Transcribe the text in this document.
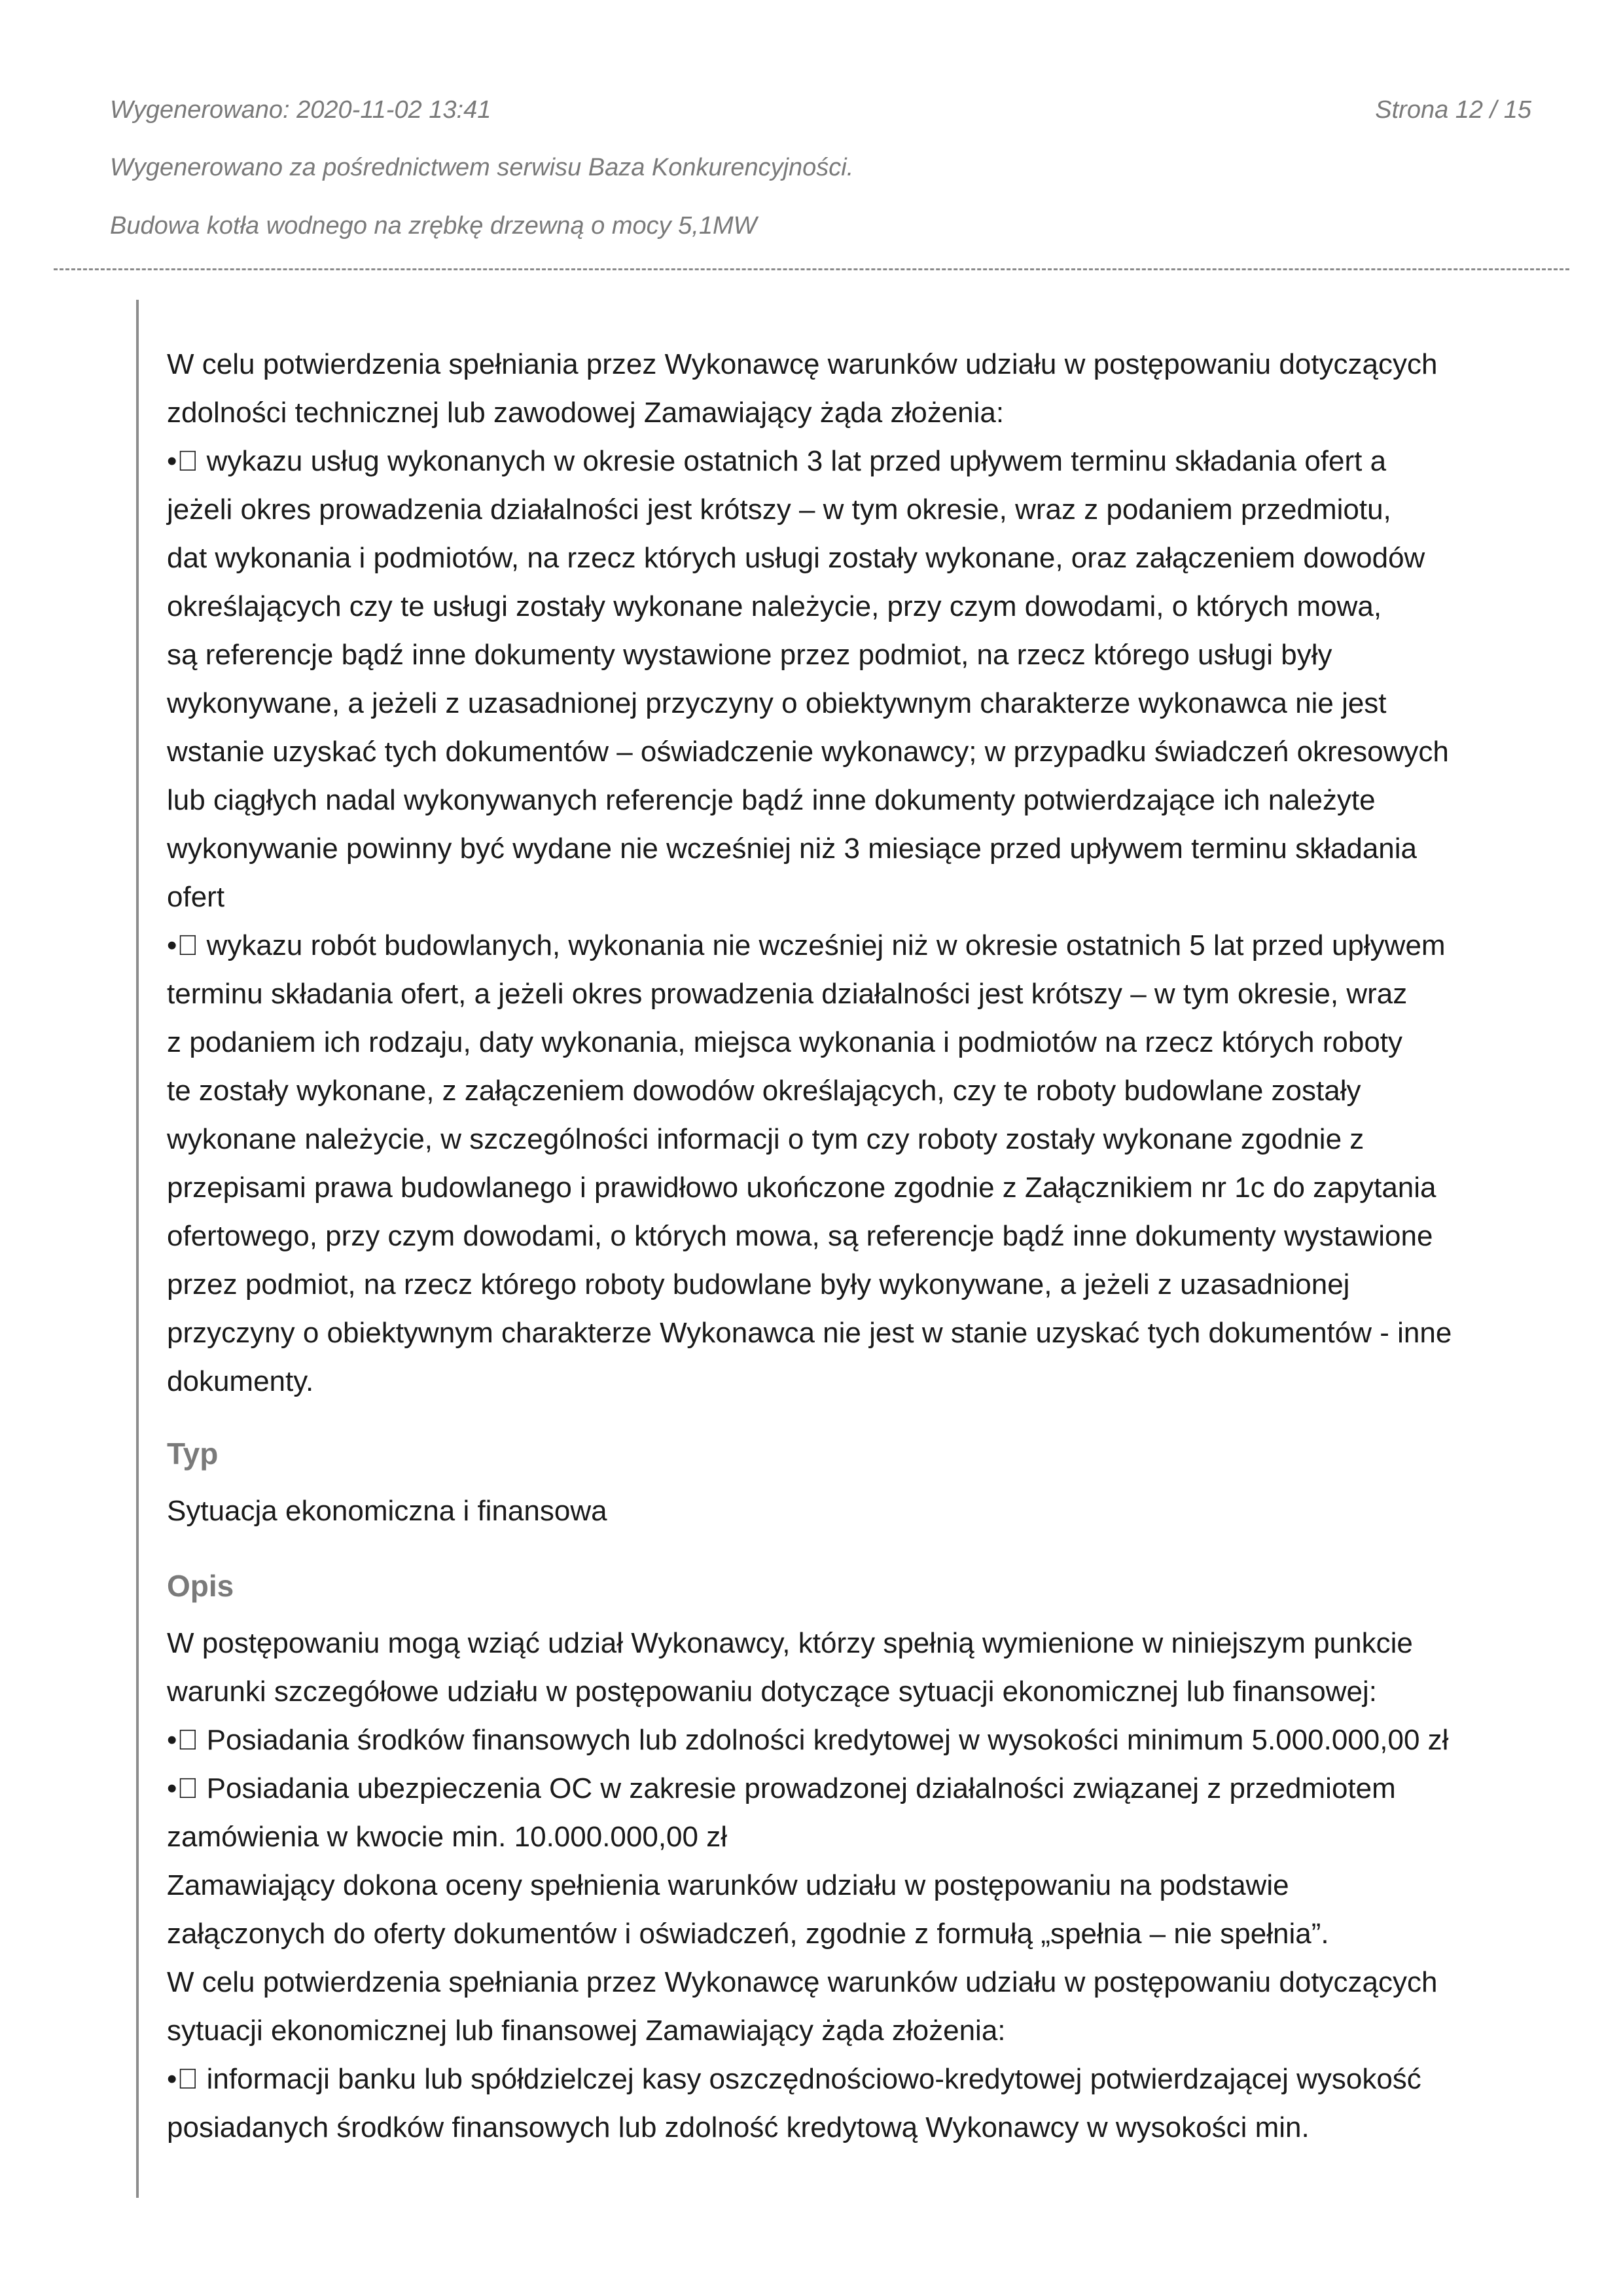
Wygenerowano: 2020-11-02 13:41	Strona 12 / 15
Wygenerowano za pośrednictwem serwisu Baza Konkurencyjności.
Budowa kotła wodnego na zrębkę drzewną o mocy 5,1MW
W celu potwierdzenia spełniania przez Wykonawcę warunków udziału w postępowaniu dotyczących
zdolności technicznej lub zawodowej Zamawiający żąda złożenia:
• wykazu usług wykonanych w okresie ostatnich 3 lat przed upływem terminu składania ofert a
jeżeli okres prowadzenia działalności jest krótszy – w tym okresie, wraz z podaniem przedmiotu,
dat wykonania i podmiotów, na rzecz których usługi zostały wykonane, oraz załączeniem dowodów
określających czy te usługi zostały wykonane należycie, przy czym dowodami, o których mowa,
są referencje bądź inne dokumenty wystawione przez podmiot, na rzecz którego usługi były
wykonywane, a jeżeli z uzasadnionej przyczyny o obiektywnym charakterze wykonawca nie jest
wstanie uzyskać tych dokumentów – oświadczenie wykonawcy; w przypadku świadczeń okresowych
lub ciągłych nadal wykonywanych referencje bądź inne dokumenty potwierdzające ich należyte
wykonywanie powinny być wydane nie wcześniej niż 3 miesiące przed upływem terminu składania
ofert
• wykazu robót budowlanych, wykonania nie wcześniej niż w okresie ostatnich 5 lat przed upływem
terminu składania ofert, a jeżeli okres prowadzenia działalności jest krótszy – w tym okresie, wraz
z podaniem ich rodzaju, daty wykonania, miejsca wykonania i podmiotów na rzecz których roboty
te zostały wykonane, z załączeniem dowodów określających, czy te roboty budowlane zostały
wykonane należycie, w szczególności informacji o tym czy roboty zostały wykonane zgodnie z
przepisami prawa budowlanego i prawidłowo ukończone zgodnie z Załącznikiem nr 1c do zapytania
ofertowego, przy czym dowodami, o których mowa, są referencje bądź inne dokumenty wystawione
przez podmiot, na rzecz którego roboty budowlane były wykonywane, a jeżeli z uzasadnionej
przyczyny o obiektywnym charakterze Wykonawca nie jest w stanie uzyskać tych dokumentów - inne
dokumenty.
Typ
Sytuacja ekonomiczna i finansowa
Opis
W postępowaniu mogą wziąć udział Wykonawcy, którzy spełnią wymienione w niniejszym punkcie
warunki szczegółowe udziału w postępowaniu dotyczące sytuacji ekonomicznej lub finansowej:
• Posiadania środków finansowych lub zdolności kredytowej w wysokości minimum 5.000.000,00 zł
• Posiadania ubezpieczenia OC w zakresie prowadzonej działalności związanej z przedmiotem
zamówienia w kwocie min. 10.000.000,00 zł
Zamawiający dokona oceny spełnienia warunków udziału w postępowaniu na podstawie
załączonych do oferty dokumentów i oświadczeń, zgodnie z formułą „spełnia – nie spełnia”.
W celu potwierdzenia spełniania przez Wykonawcę warunków udziału w postępowaniu dotyczących
sytuacji ekonomicznej lub finansowej Zamawiający żąda złożenia:
• informacji banku lub spółdzielczej kasy oszczędnościowo-kredytowej potwierdzającej wysokość
posiadanych środków finansowych lub zdolność kredytową Wykonawcy w wysokości min.
